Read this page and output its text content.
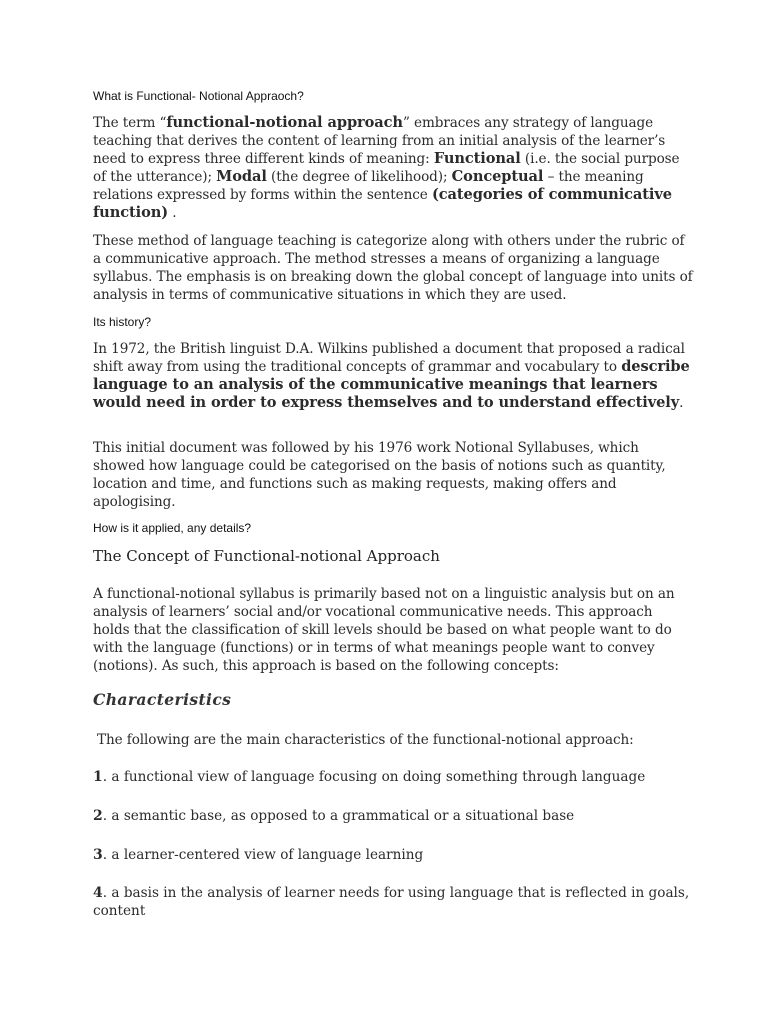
What is Functional- Notional Appraoch?

The term “functional-notional approach” embraces any strategy of language teaching that derives the content of learning from an initial analysis of the learner’s need to express three different kinds of meaning: Functional (i.e. the social purpose of the utterance); Modal (the degree of likelihood); Conceptual – the meaning relations expressed by forms within the sentence (categories of communicative function) .

These method of language teaching is categorize along with others under the rubric of a communicative approach. The method stresses a means of organizing a language syllabus. The emphasis is on breaking down the global concept of language into units of analysis in terms of communicative situations in which they are used.

Its history?

In 1972, the British linguist D.A. Wilkins published a document that proposed a radical shift away from using the traditional concepts of grammar and vocabulary to describe language to an analysis of the communicative meanings that learners would need in order to express themselves and to understand effectively.

This initial document was followed by his 1976 work Notional Syllabuses, which showed how language could be categorised on the basis of notions such as quantity, location and time, and functions such as making requests, making offers and apologising.

How is it applied, any details?
The Concept of Functional-notional Approach

A functional-notional syllabus is primarily based not on a linguistic analysis but on an analysis of learners’ social and/or vocational communicative needs. This approach holds that the classification of skill levels should be based on what people want to do with the language (functions) or in terms of what meanings people want to convey (notions). As such, this approach is based on the following concepts:

Characteristics

The following are the main characteristics of the functional-notional approach:

1. a functional view of language focusing on doing something through language

2. a semantic base, as opposed to a grammatical or a situational base

3. a learner-centered view of language learning

4. a basis in the analysis of learner needs for using language that is reflected in goals, content
